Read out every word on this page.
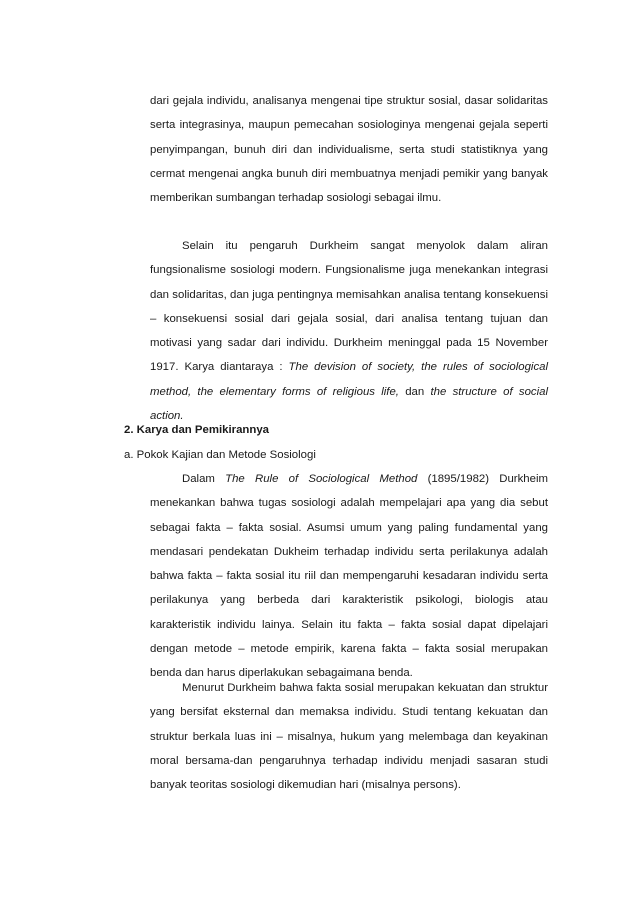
dari gejala individu, analisanya mengenai tipe struktur sosial, dasar solidaritas serta integrasinya, maupun pemecahan sosiologinya mengenai gejala seperti penyimpangan, bunuh diri dan individualisme, serta studi statistiknya yang cermat mengenai angka bunuh diri membuatnya menjadi pemikir yang banyak memberikan sumbangan terhadap sosiologi sebagai ilmu.

Selain itu pengaruh Durkheim sangat menyolok dalam aliran fungsionalisme sosiologi modern. Fungsionalisme juga menekankan integrasi dan solidaritas, dan juga pentingnya memisahkan analisa tentang konsekuensi – konsekuensi sosial dari gejala sosial, dari analisa tentang tujuan dan motivasi yang sadar dari individu. Durkheim meninggal pada 15 November 1917. Karya diantaraya : The devision of society, the rules of sociological method, the elementary forms of religious life, dan the structure of social action.

2. Karya dan Pemikirannya
a. Pokok Kajian dan Metode Sosiologi

Dalam The Rule of Sociological Method (1895/1982) Durkheim menekankan bahwa tugas sosiologi adalah mempelajari apa yang dia sebut sebagai fakta – fakta sosial. Asumsi umum yang paling fundamental yang mendasari pendekatan Dukheim terhadap individu serta perilakunya adalah bahwa fakta – fakta sosial itu riil dan mempengaruhi kesadaran individu serta perilakunya yang berbeda dari karakteristik psikologi, biologis atau karakteristik individu lainya. Selain itu fakta – fakta sosial dapat dipelajari dengan metode – metode empirik, karena fakta – fakta sosial merupakan benda dan harus diperlakukan sebagaimana benda.

Menurut Durkheim bahwa fakta sosial merupakan kekuatan dan struktur yang bersifat eksternal dan memaksa individu. Studi tentang kekuatan dan struktur berkala luas ini – misalnya, hukum yang melembaga dan keyakinan moral bersama-dan pengaruhnya terhadap individu menjadi sasaran studi banyak teoritas sosiologi dikemudian hari (misalnya persons).
